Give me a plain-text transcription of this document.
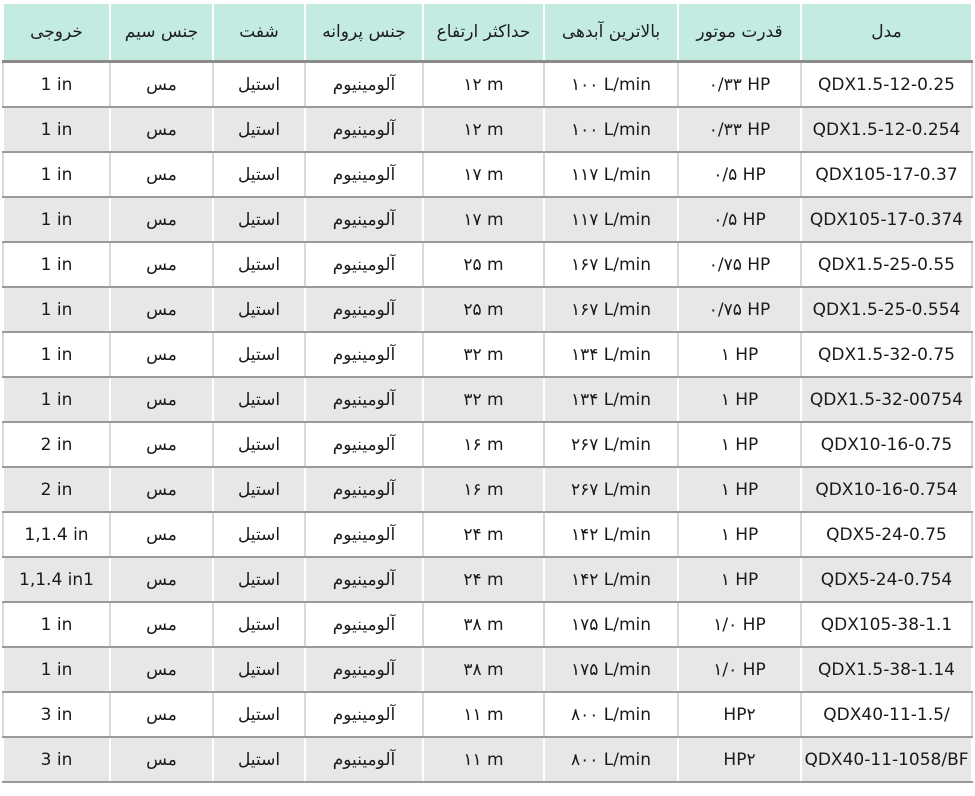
مدل	قدرت موتور	بالاترین آبدهی	حداکثر ارتفاع	جنس پروانه	شفت	جنس سیم	خروجی
QDX1.5-12-0.25	۰/۳۳ HP	۱۰۰ L/min	۱۲ m	آلومینیوم	استیل	مس	1 in
QDX1.5-12-0.254	۰/۳۳ HP	۱۰۰ L/min	۱۲ m	آلومینیوم	استیل	مس	1 in
QDX105-17-0.37	۰/۵ HP	۱۱۷ L/min	۱۷ m	آلومینیوم	استیل	مس	1 in
QDX105-17-0.374	۰/۵ HP	۱۱۷ L/min	۱۷ m	آلومینیوم	استیل	مس	1 in
QDX1.5-25-0.55	۰/۷۵ HP	۱۶۷ L/min	۲۵ m	آلومینیوم	استیل	مس	1 in
QDX1.5-25-0.554	۰/۷۵ HP	۱۶۷ L/min	۲۵ m	آلومینیوم	استیل	مس	1 in
QDX1.5-32-0.75	۱ HP	۱۳۴ L/min	۳۲ m	آلومینیوم	استیل	مس	1 in
QDX1.5-32-00754	۱ HP	۱۳۴ L/min	۳۲ m	آلومینیوم	استیل	مس	1 in
QDX10-16-0.75	۱ HP	۲۶۷ L/min	۱۶ m	آلومینیوم	استیل	مس	2 in
QDX10-16-0.754	۱ HP	۲۶۷ L/min	۱۶ m	آلومینیوم	استیل	مس	2 in
QDX5-24-0.75	۱ HP	۱۴۲ L/min	۲۴ m	آلومینیوم	استیل	مس	1,1.4 in
QDX5-24-0.754	۱ HP	۱۴۲ L/min	۲۴ m	آلومینیوم	استیل	مس	1,1.4 in1
QDX105-38-1.1	۱/۰ HP	۱۷۵ L/min	۳۸ m	آلومینیوم	استیل	مس	1 in
QDX1.5-38-1.14	۱/۰ HP	۱۷۵ L/min	۳۸ m	آلومینیوم	استیل	مس	1 in
QDX40-11-1.5/	HP۲	۸۰۰ L/min	۱۱ m	آلومینیوم	استیل	مس	3 in
QDX40-11-1058/BF	HP۲	۸۰۰ L/min	۱۱ m	آلومینیوم	استیل	مس	3 in
